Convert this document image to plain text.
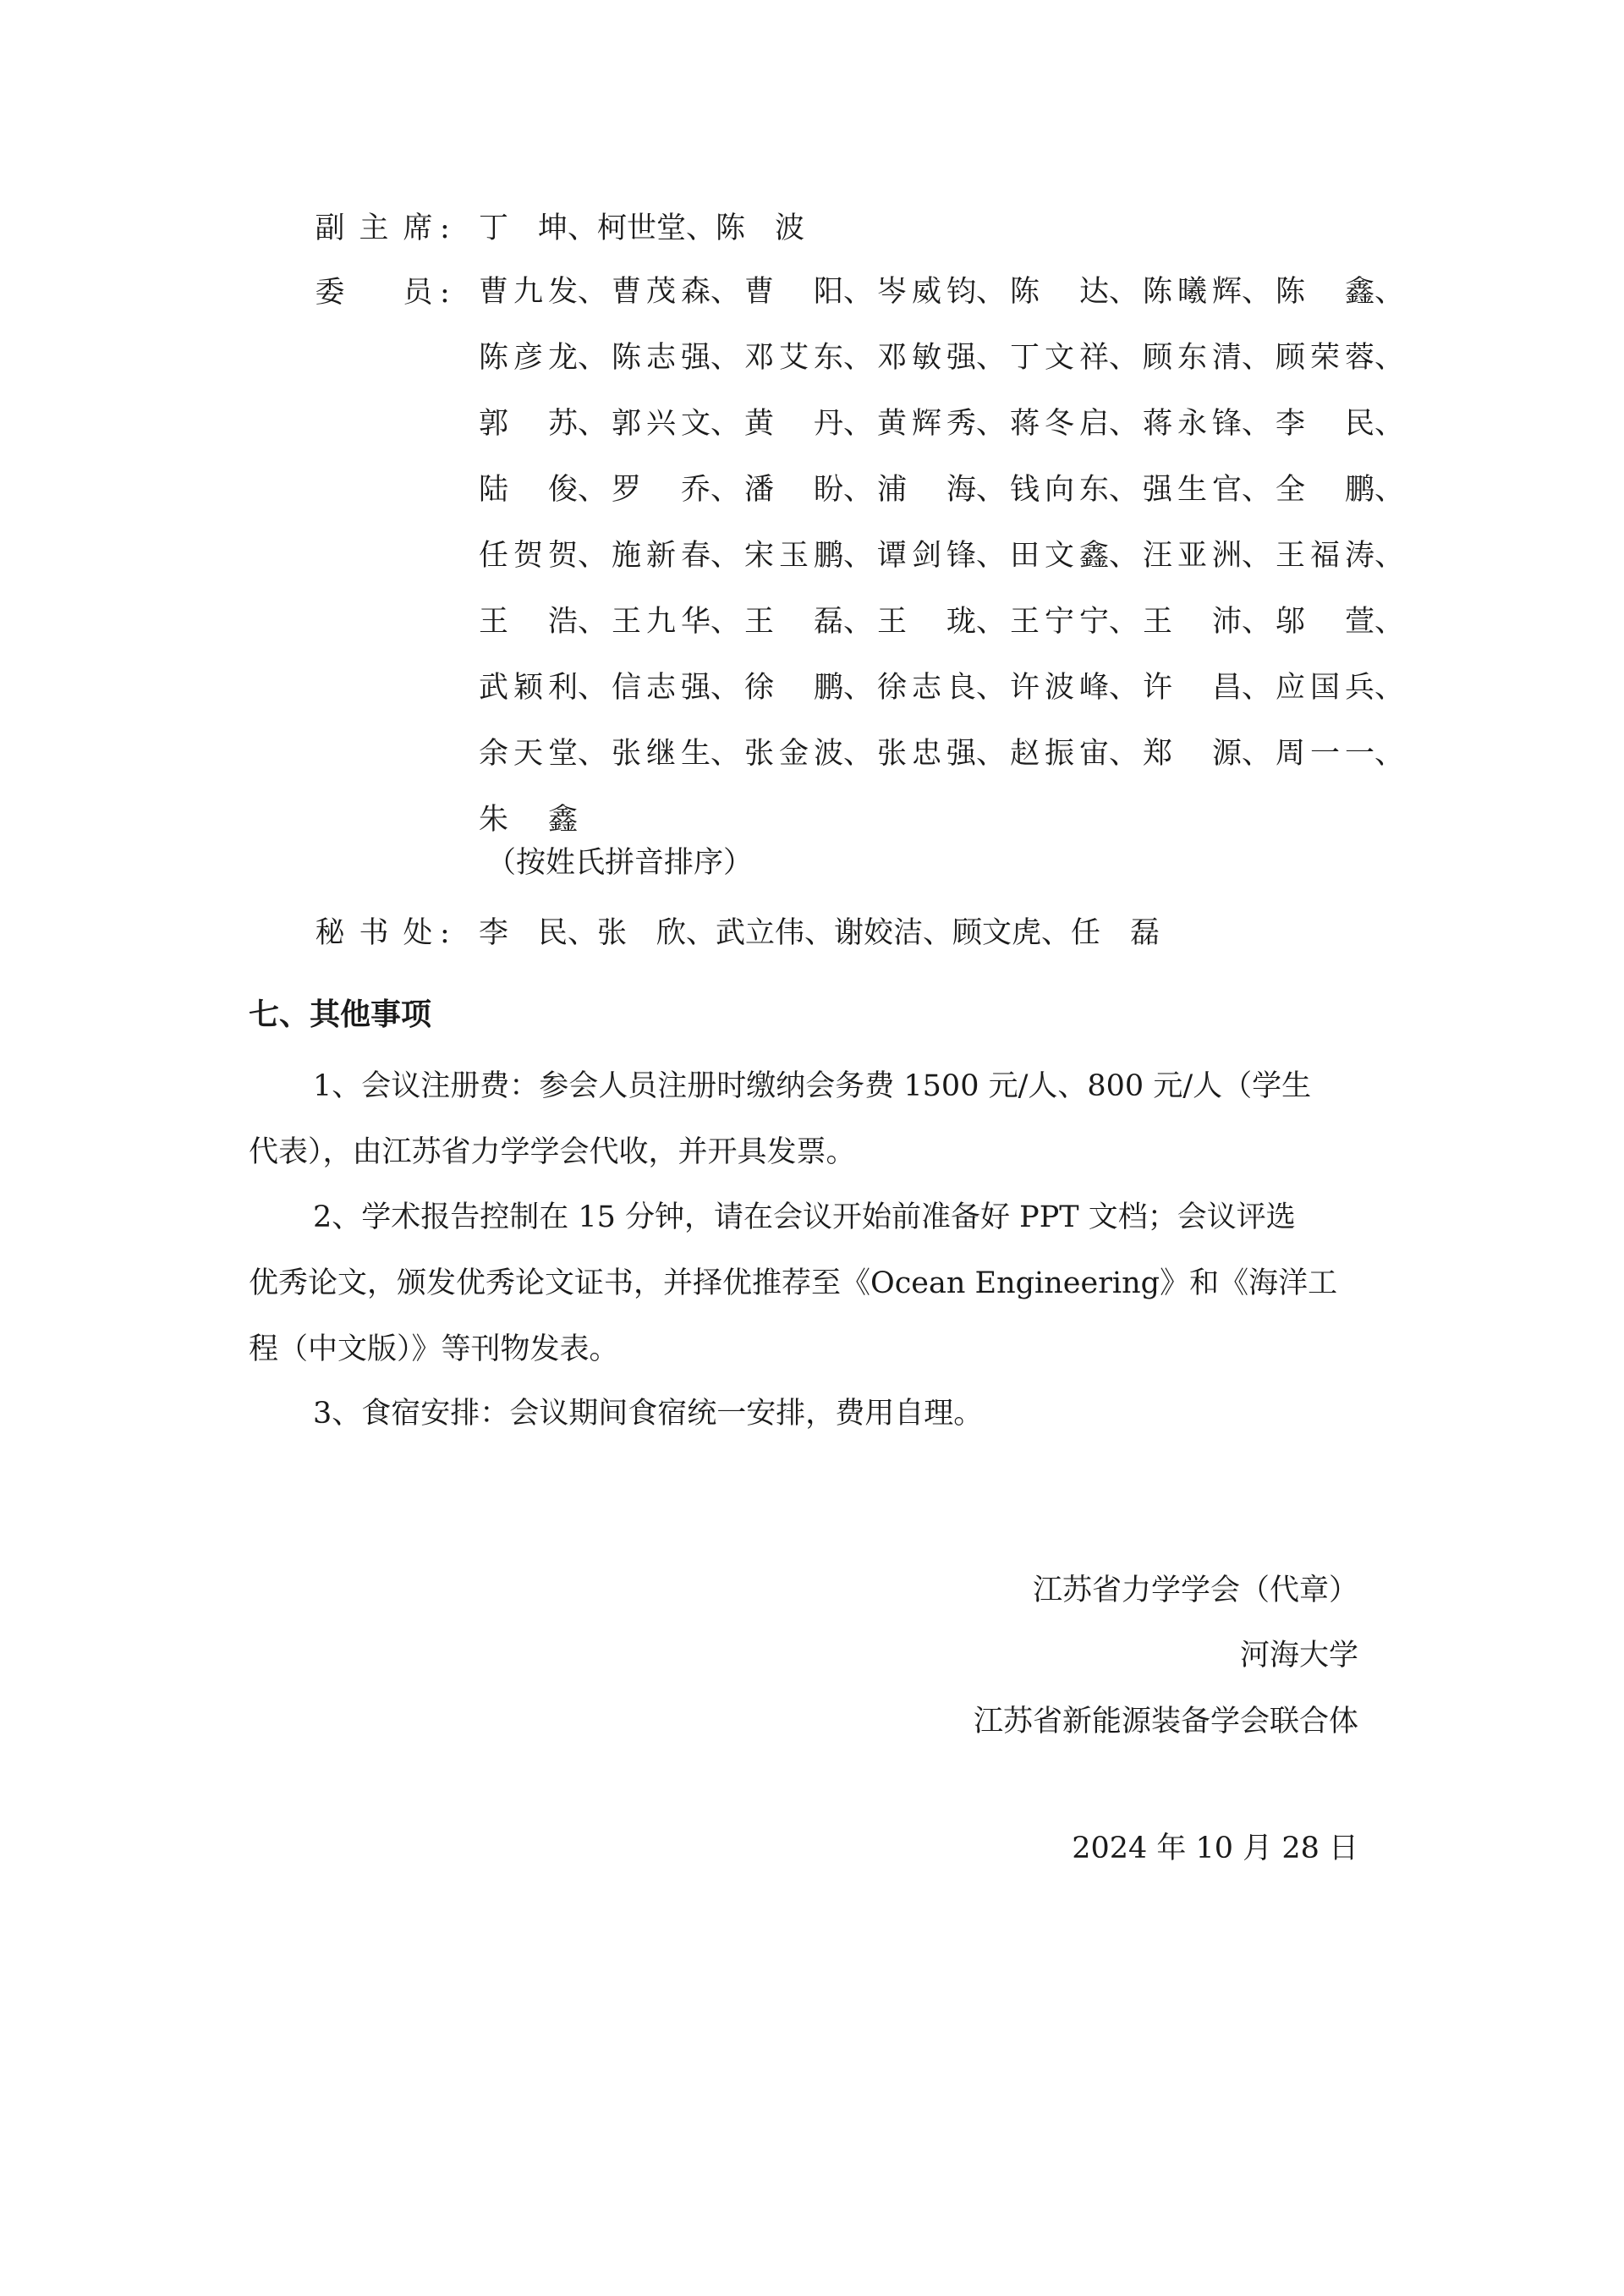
副 主 席 : 丁　坤、柯世堂、陈　波
委 员 : 曹九发、 曹茂森、 曹　阳、 岑威钧、 陈　达、 陈曦辉、 陈　鑫、
陈彦龙、 陈志强、 邓艾东、 邓敏强、 丁文祥、 顾东清、 顾荣蓉、
郭　苏、 郭兴文、 黄　丹、 黄辉秀、 蒋冬启、 蒋永锋、 李　民、
陆　俊、 罗　乔、 潘　盼、 浦　海、 钱向东、 强生官、 全　鹏、
任贺贺、 施新春、 宋玉鹏、 谭剑锋、 田文鑫、 汪亚洲、 王福涛、
王　浩、 王九华、 王　磊、 王　珑、 王宁宁、 王　沛、 邬　萱、
武颖利、 信志强、 徐　鹏、 徐志良、 许波峰、 许　昌、 应国兵、
余天堂、 张继生、 张金波、 张忠强、 赵振宙、 郑　源、 周一一、
朱　鑫
（按姓氏拼音排序）
秘 书 处 : 李　民、张　欣、武立伟、谢姣洁、顾文虎、任　磊
七、其他事项
1、会议注册费：参会人员注册时缴纳会务费 1500 元/人、800 元/人（学生
代表），由江苏省力学学会代收，并开具发票。
2、学术报告控制在 15 分钟，请在会议开始前准备好 PPT 文档；会议评选
优秀论文，颁发优秀论文证书，并择优推荐至《Ocean Engineering》和《海洋工
程（中文版）》等刊物发表。
3、食宿安排：会议期间食宿统一安排，费用自理。
江苏省力学学会（代章）
河海大学
江苏省新能源装备学会联合体
2024 年 10 月 28 日
